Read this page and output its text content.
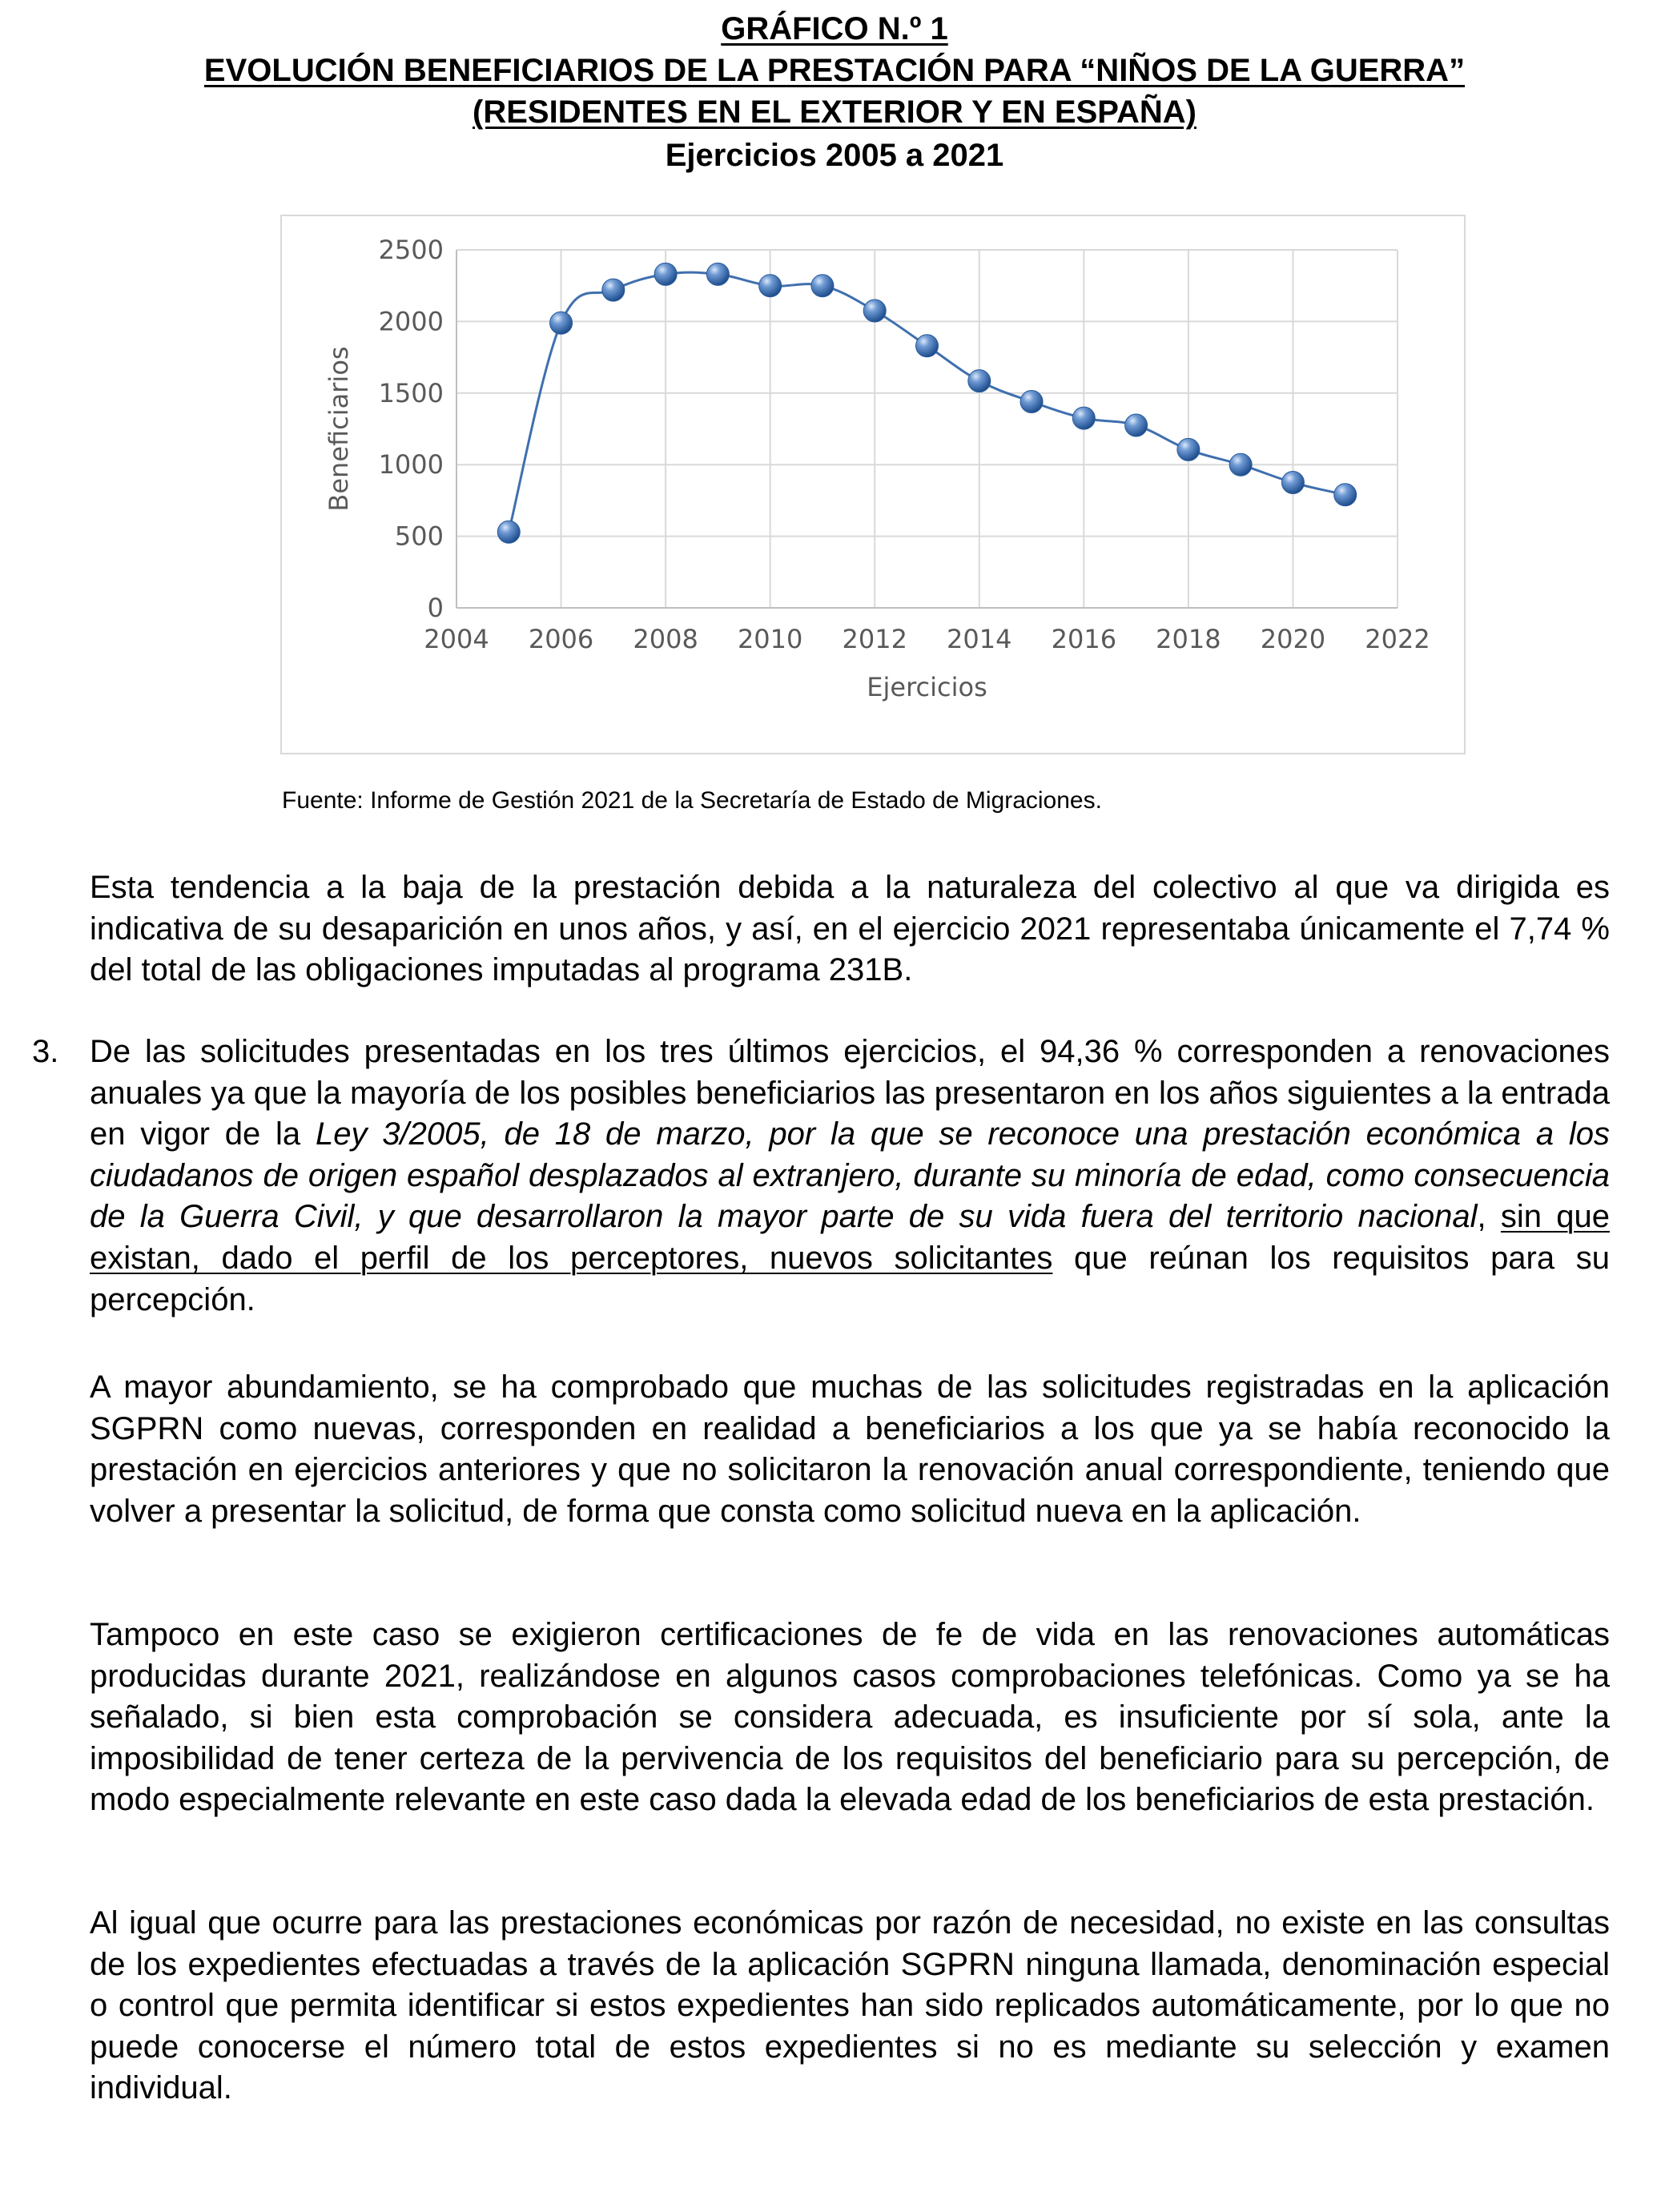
GRÁFICO N.º 1
EVOLUCIÓN BENEFICIARIOS DE LA PRESTACIÓN PARA “NIÑOS DE LA GUERRA”
(RESIDENTES EN EL EXTERIOR Y EN ESPAÑA)
Ejercicios 2005 a 2021
2004 2006 2008 2010 2012 2014 2016 2018 2020 2022
0
500
1000
1500
2000
2500
Ejercicios
Beneficiarios
Fuente: Informe de Gestión 2021 de la Secretaría de Estado de Migraciones.

Esta tendencia a la baja de la prestación debida a la naturaleza del colectivo al que va dirigida es indicativa de su desaparición en unos años, y así, en el ejercicio 2021 representaba únicamente el 7,74 % del total de las obligaciones imputadas al programa 231B.

3. De las solicitudes presentadas en los tres últimos ejercicios, el 94,36 % corresponden a renovaciones anuales ya que la mayoría de los posibles beneficiarios las presentaron en los años siguientes a la entrada en vigor de la Ley 3/2005, de 18 de marzo, por la que se reconoce una prestación económica a los ciudadanos de origen español desplazados al extranjero, durante su minoría de edad, como consecuencia de la Guerra Civil, y que desarrollaron la mayor parte de su vida fuera del territorio nacional, sin que existan, dado el perfil de los perceptores, nuevos solicitantes que reúnan los requisitos para su percepción.

A mayor abundamiento, se ha comprobado que muchas de las solicitudes registradas en la aplicación SGPRN como nuevas, corresponden en realidad a beneficiarios a los que ya se había reconocido la prestación en ejercicios anteriores y que no solicitaron la renovación anual correspondiente, teniendo que volver a presentar la solicitud, de forma que consta como solicitud nueva en la aplicación.

Tampoco en este caso se exigieron certificaciones de fe de vida en las renovaciones automáticas producidas durante 2021, realizándose en algunos casos comprobaciones telefónicas. Como ya se ha señalado, si bien esta comprobación se considera adecuada, es insuficiente por sí sola, ante la imposibilidad de tener certeza de la pervivencia de los requisitos del beneficiario para su percepción, de modo especialmente relevante en este caso dada la elevada edad de los beneficiarios de esta prestación.

Al igual que ocurre para las prestaciones económicas por razón de necesidad, no existe en las consultas de los expedientes efectuadas a través de la aplicación SGPRN ninguna llamada, denominación especial o control que permita identificar si estos expedientes han sido replicados automáticamente, por lo que no puede conocerse el número total de estos expedientes si no es mediante su selección y examen individual.
